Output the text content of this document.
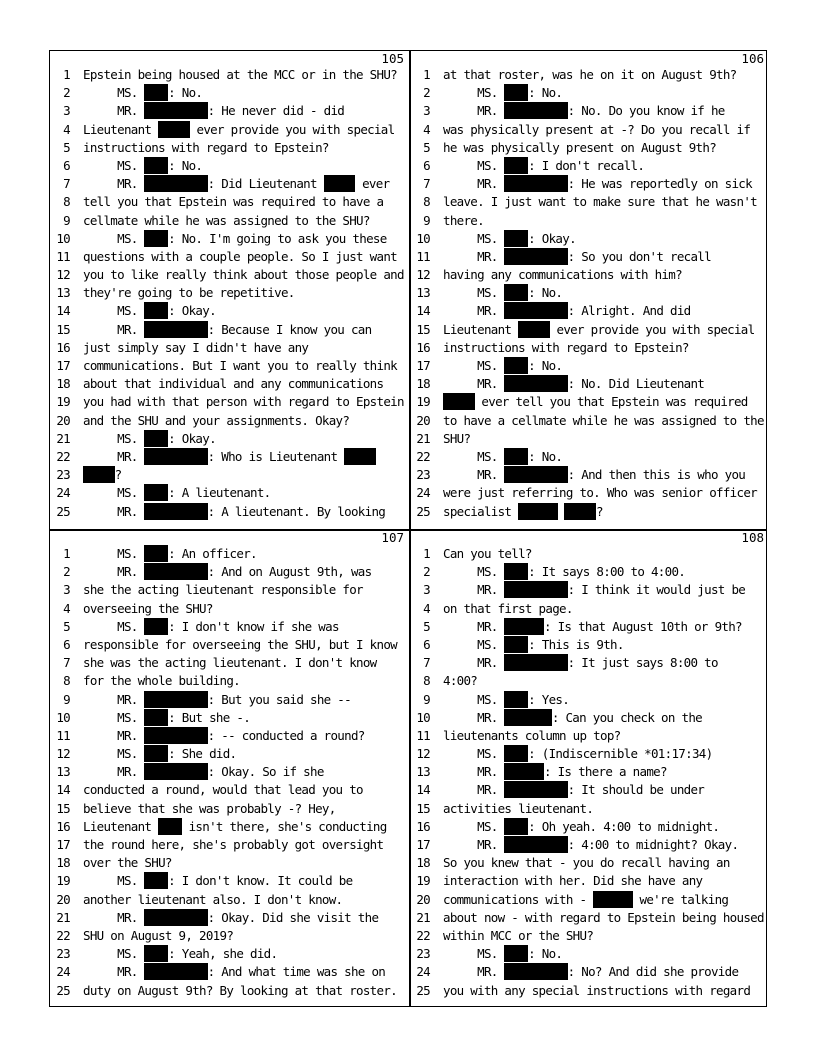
105
1 Epstein being housed at the MCC or in the SHU?
2 MS. : No.
3 MR.	: He never did - did
4 Lieutenant	ever provide you with special
5 instructions with regard to Epstein?
6 MS. : No.
7 MR.	: Did Lieutenant	ever
8 tell you that Epstein was required to have a
9 cellmate while he was assigned to the SHU?
10 MS. : No. I'm going to ask you these
11 questions with a couple people. So I just want
12 you to like really think about those people and
13 they're going to be repetitive.
14 MS. : Okay.
15 MR.	: Because I know you can
16 just simply say I didn't have any
17 communications. But I want you to really think
18 about that individual and any communications
19 you had with that person with regard to Epstein
20 and the SHU and your assignments. Okay?
21 MS. : Okay.
22 MR.	: Who is Lieutenant
23	?
24 MS. : A lieutenant.
25 MR.	: A lieutenant. By looking
106
1 at that roster, was he on it on August 9th?
2 MS. : No.
3 MR.	: No. Do you know if he
4 was physically present at -? Do you recall if
5 he was physically present on August 9th?
6 MS. : I don't recall.
7 MR.	: He was reportedly on sick
8 leave. I just want to make sure that he wasn't
9 there.
10 MS. : Okay.
11 MR.	: So you don't recall
12 having any communications with him?
13 MS. : No.
14 MR.	: Alright. And did
15 Lieutenant	ever provide you with special
16 instructions with regard to Epstein?
17 MS. : No.
18 MR.	: No. Did Lieutenant
19	ever tell you that Epstein was required
20 to have a cellmate while he was assigned to the
21 SHU?
22 MS. : No.
23 MR.	: And then this is who you
24 were just referring to. Who was senior officer
25 specialist	?
107
1 MS. : An officer.
2 MR.	: And on August 9th, was
3 she the acting lieutenant responsible for
4 overseeing the SHU?
5 MS. : I don't know if she was
6 responsible for overseeing the SHU, but I know
7 she was the acting lieutenant. I don't know
8 for the whole building.
9 MR.	: But you said she --
10 MS. : But she -.
11 MR.	: -- conducted a round?
12 MS. : She did.
13 MR.	: Okay. So if she
14 conducted a round, would that lead you to
15 believe that she was probably -? Hey,
16 Lieutenant  isn't there, she's conducting
17 the round here, she's probably got oversight
18 over the SHU?
19 MS. : I don't know. It could be
20 another lieutenant also. I don't know.
21 MR.	: Okay. Did she visit the
22 SHU on August 9, 2019?
23 MS. : Yeah, she did.
24 MR.	: And what time was she on
25 duty on August 9th? By looking at that roster.
108
1 Can you tell?
2 MS. : It says 8:00 to 4:00.
3 MR.	: I think it would just be
4 on that first page.
5 MR.	: Is that August 10th or 9th?
6 MS. : This is 9th.
7 MR.	: It just says 8:00 to
8 4:00?
9 MS. : Yes.
10 MR.	: Can you check on the
11 lieutenants column up top?
12 MS. : (Indiscernible *01:17:34)
13 MR.	: Is there a name?
14 MR.	: It should be under
15 activities lieutenant.
16 MS. : Oh yeah. 4:00 to midnight.
17 MR.	: 4:00 to midnight? Okay.
18 So you knew that - you do recall having an
19 interaction with her. Did she have any
20 communications with -	we're talking
21 about now - with regard to Epstein being housed
22 within MCC or the SHU?
23 MS. : No.
24 MR.	: No? And did she provide
25 you with any special instructions with regard
